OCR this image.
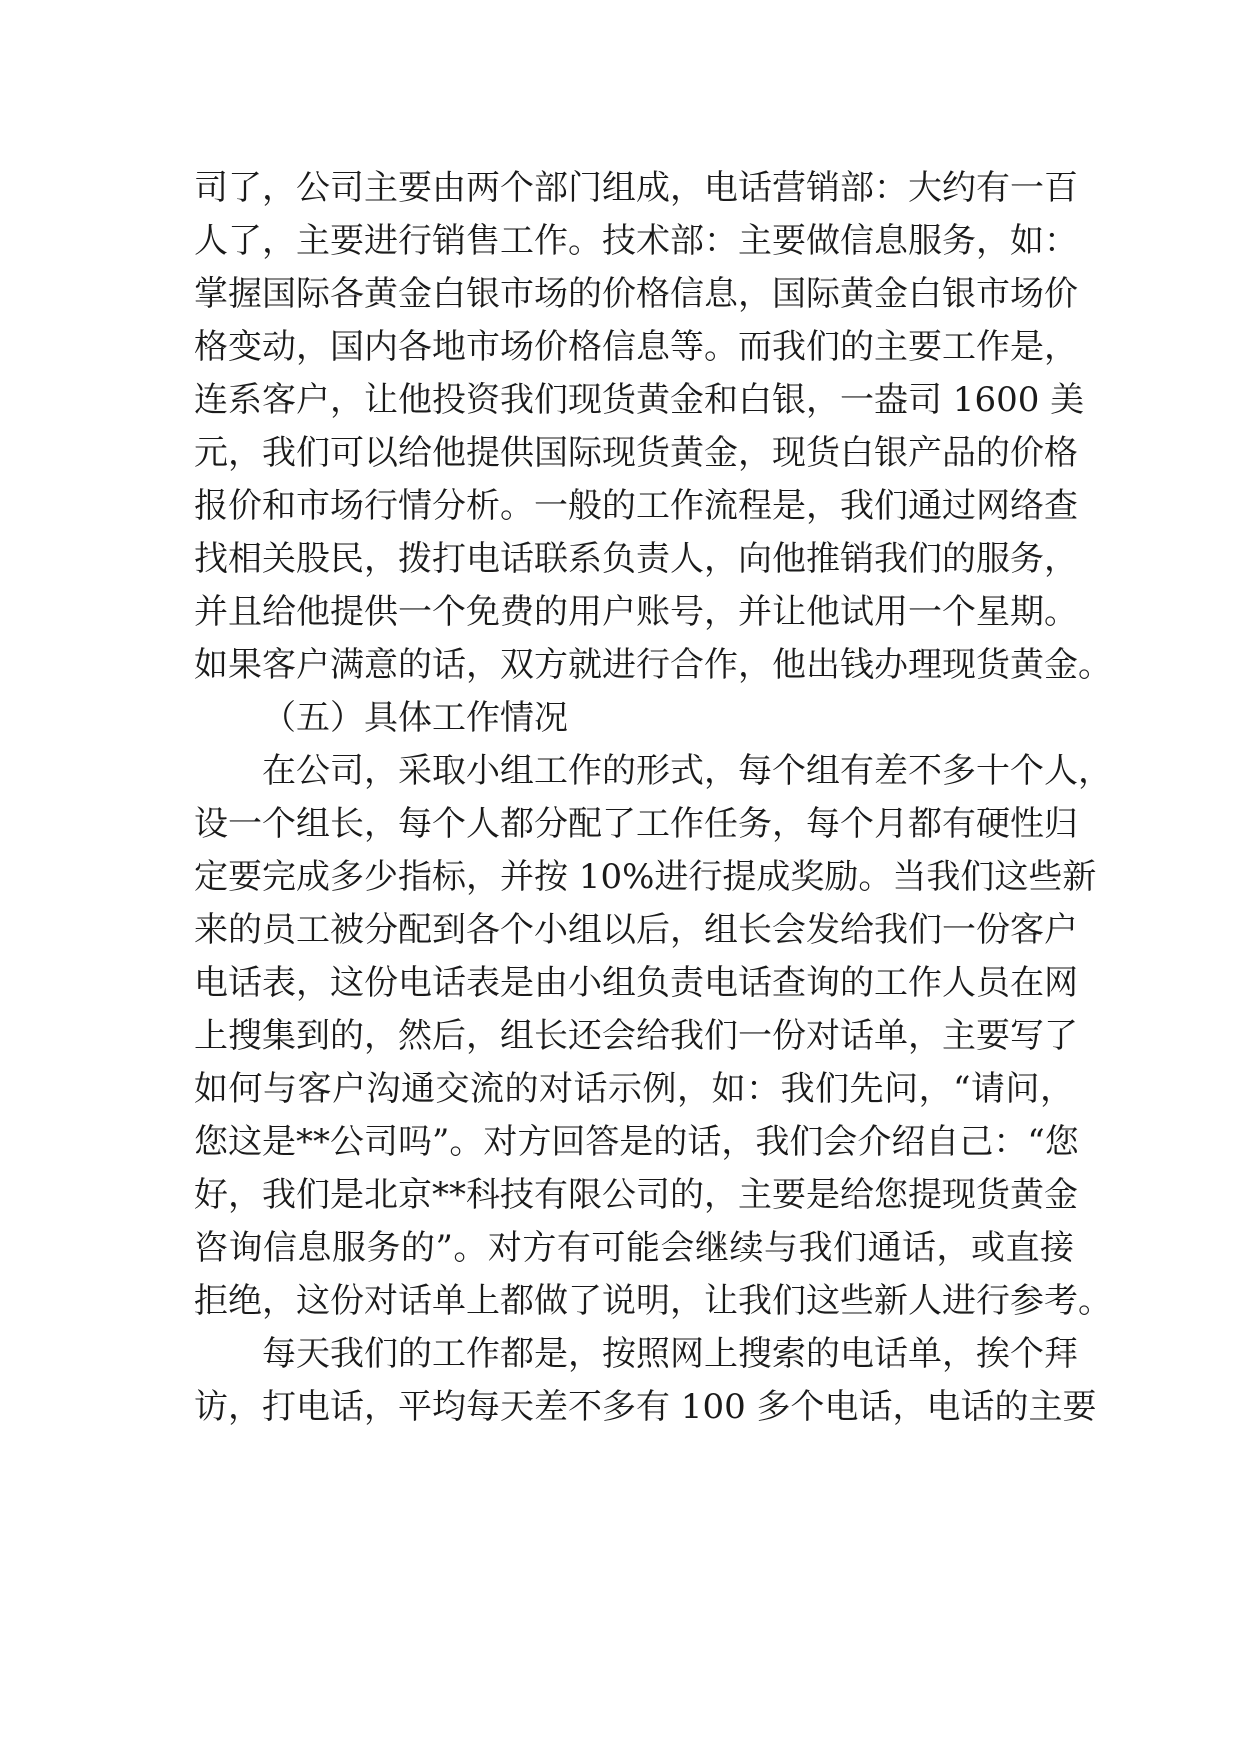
司了，公司主要由两个部门组成，电话营销部：大约有一百
人了，主要进行销售工作。技术部：主要做信息服务，如：
掌握国际各黄金白银市场的价格信息，国际黄金白银市场价
格变动，国内各地市场价格信息等。而我们的主要工作是，
连系客户，让他投资我们现货黄金和白银，一盎司 1600 美
元，我们可以给他提供国际现货黄金，现货白银产品的价格
报价和市场行情分析。一般的工作流程是，我们通过网络查
找相关股民，拨打电话联系负责人，向他推销我们的服务，
并且给他提供一个免费的用户账号，并让他试用一个星期。
如果客户满意的话，双方就进行合作，他出钱办理现货黄金。
（五）具体工作情况
在公司，采取小组工作的形式，每个组有差不多十个人，
设一个组长，每个人都分配了工作任务，每个月都有硬性归
定要完成多少指标，并按 10%进行提成奖励。当我们这些新
来的员工被分配到各个小组以后，组长会发给我们一份客户
电话表，这份电话表是由小组负责电话查询的工作人员在网
上搜集到的，然后，组长还会给我们一份对话单，主要写了
如何与客户沟通交流的对话示例，如：我们先问，“请问，
您这是**公司吗”。对方回答是的话，我们会介绍自己：“您
好，我们是北京**科技有限公司的，主要是给您提现货黄金
咨询信息服务的”。对方有可能会继续与我们通话，或直接
拒绝，这份对话单上都做了说明，让我们这些新人进行参考。
每天我们的工作都是，按照网上搜索的电话单，挨个拜
访，打电话，平均每天差不多有 100 多个电话，电话的主要
